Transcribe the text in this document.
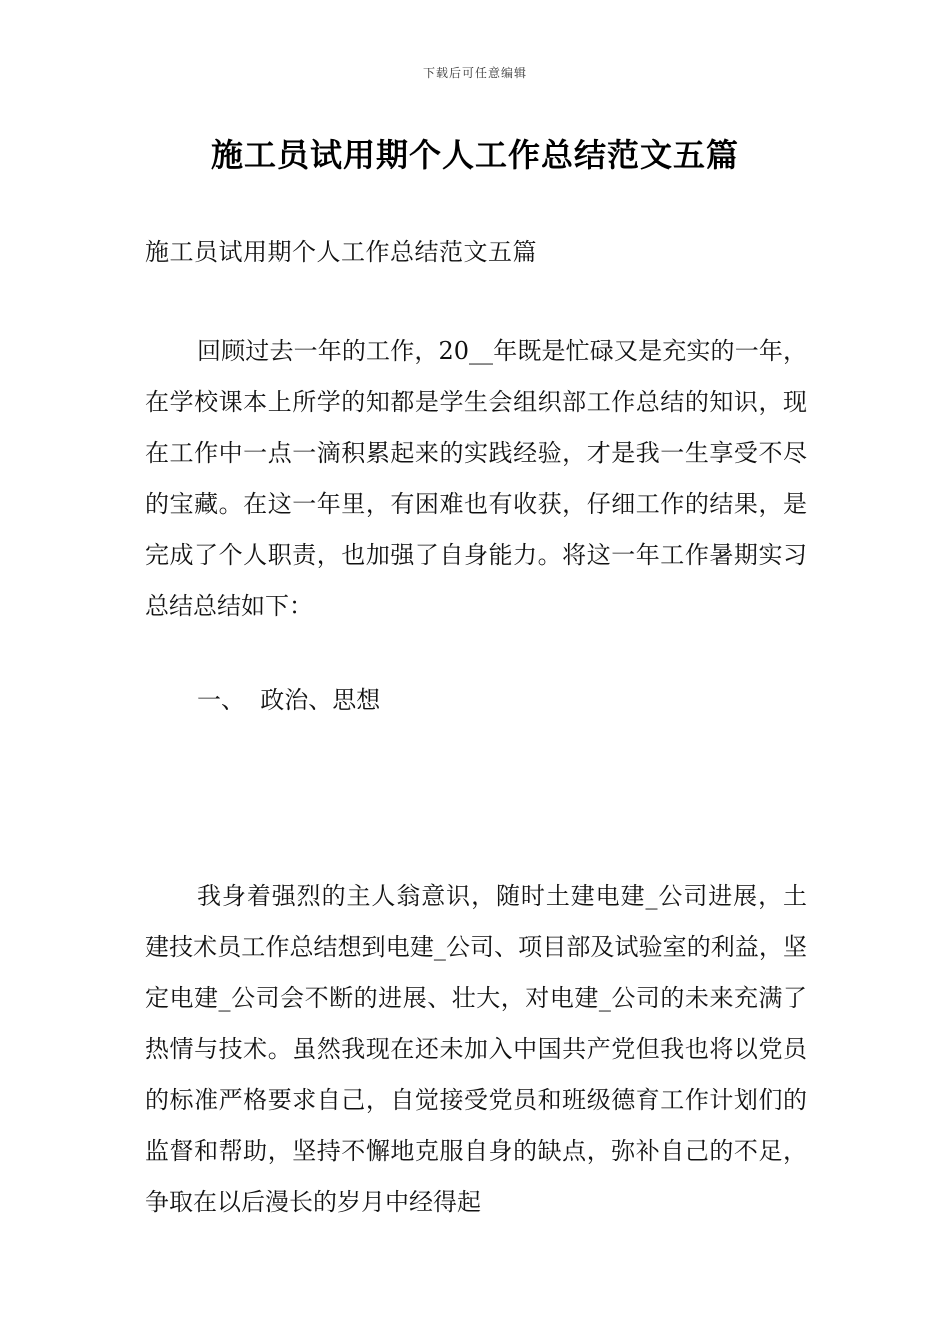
下载后可任意编辑
施工员试用期个人工作总结范文五篇
施工员试用期个人工作总结范文五篇

回顾过去一年的工作，20__年既是忙碌又是充实的一年，在学校课本上所学的知都是学生会组织部工作总结的知识，现在工作中一点一滴积累起来的实践经验，才是我一生享受不尽的宝藏。在这一年里，有困难也有收获，仔细工作的结果，是完成了个人职责，也加强了自身能力。将这一年工作暑期实习总结总结如下：

一、  政治、思想

我身着强烈的主人翁意识，随时土建电建_公司进展，土建技术员工作总结想到电建_公司、项目部及试验室的利益，坚定电建_公司会不断的进展、壮大，对电建_公司的未来充满了热情与技术。虽然我现在还未加入中国共产党但我也将以党员的标准严格要求自己，自觉接受党员和班级德育工作计划们的监督和帮助，坚持不懈地克服自身的缺点，弥补自己的不足，争取在以后漫长的岁月中经得起
